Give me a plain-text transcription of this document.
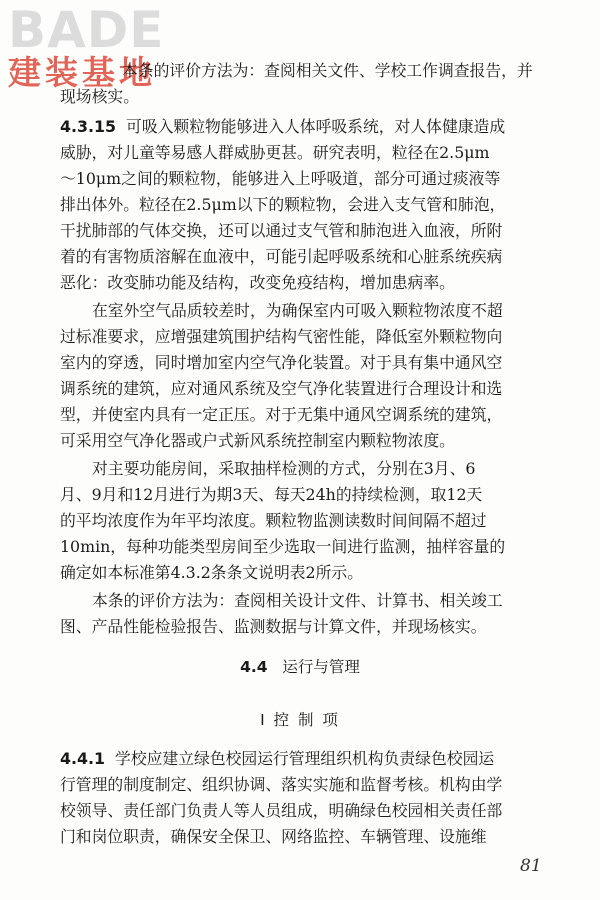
BADE
建装基地

本条的评价方法为：查阅相关文件、学校工作调查报告，并

现场核实。

4.3.15 可吸入颗粒物能够进入人体呼吸系统，对人体健康造成

威胁，对儿童等易感人群威胁更甚。研究表明，粒径在2.5μm

～10μm之间的颗粒物，能够进入上呼吸道，部分可通过痰液等

排出体外。粒径在2.5μm以下的颗粒物，会进入支气管和肺泡，

干扰肺部的气体交换，还可以通过支气管和肺泡进入血液，所附

着的有害物质溶解在血液中，可能引起呼吸系统和心脏系统疾病

恶化：改变肺功能及结构，改变免疫结构，增加患病率。

在室外空气品质较差时，为确保室内可吸入颗粒物浓度不超

过标准要求，应增强建筑围护结构气密性能，降低室外颗粒物向

室内的穿透，同时增加室内空气净化装置。对于具有集中通风空

调系统的建筑，应对通风系统及空气净化装置进行合理设计和选

型，并使室内具有一定正压。对于无集中通风空调系统的建筑，

可采用空气净化器或户式新风系统控制室内颗粒物浓度。

对主要功能房间，采取抽样检测的方式，分别在3月、6

月、9月和12月进行为期3天、每天24h的持续检测，取12天

的平均浓度作为年平均浓度。颗粒物监测读数时间间隔不超过

10min，每种功能类型房间至少选取一间进行监测，抽样容量的

确定如本标准第4.3.2条条文说明表2所示。

本条的评价方法为：查阅相关设计文件、计算书、相关竣工

图、产品性能检验报告、监测数据与计算文件，并现场核实。

4.4 运行与管理

Ⅰ 控 制 项

4.4.1 学校应建立绿色校园运行管理组织机构负责绿色校园运

行管理的制度制定、组织协调、落实实施和监督考核。机构由学

校领导、责任部门负责人等人员组成，明确绿色校园相关责任部

门和岗位职责，确保安全保卫、网络监控、车辆管理、设施维

81
